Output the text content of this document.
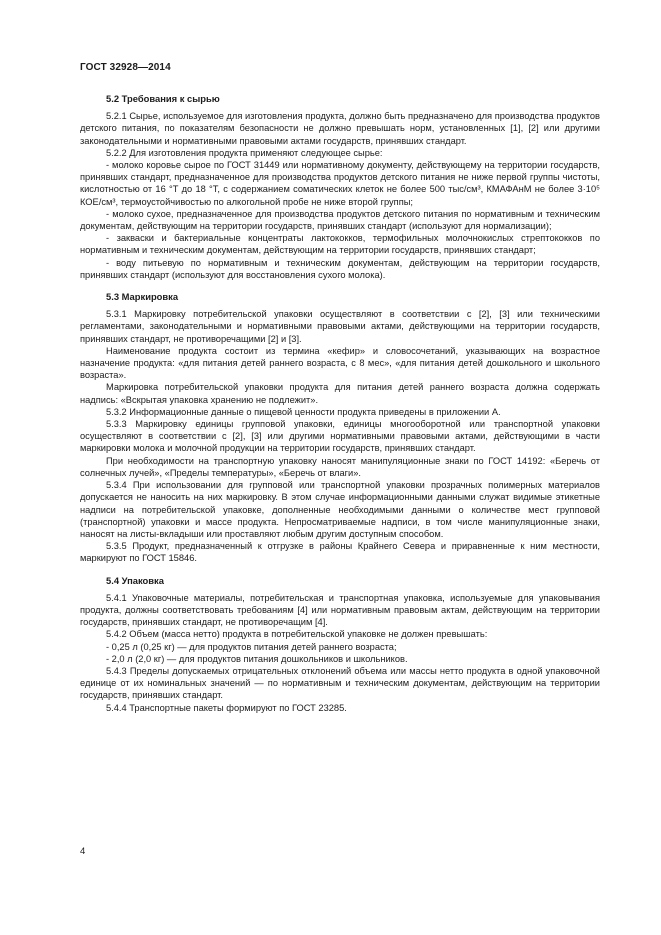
ГОСТ 32928—2014
5.2 Требования к сырью

5.2.1 Сырье, используемое для изготовления продукта, должно быть предназначено для производства продуктов детского питания, по показателям безопасности не должно превышать норм, установленных [1], [2] или другими законодательными и нормативными правовыми актами государств, принявших стандарт.

5.2.2 Для изготовления продукта применяют следующее сырье:

- молоко коровье сырое по ГОСТ 31449 или нормативному документу, действующему на территории государств, принявших стандарт, предназначенное для производства продуктов детского питания не ниже первой группы чистоты, кислотностью от 16 °Т до 18 °Т, с содержанием соматических клеток не более 500 тыс/см³, КМАФАнМ не более 3·10⁵ КОЕ/см³, термоустойчивостью по алкогольной пробе не ниже второй группы;

- молоко сухое, предназначенное для производства продуктов детского питания по нормативным и техническим документам, действующим на территории государств, принявших стандарт (используют для нормализации);

- закваски и бактериальные концентраты лактококков, термофильных молочнокислых стрептококков по нормативным и техническим документам, действующим на территории государств, принявших стандарт;

- воду питьевую по нормативным и техническим документам, действующим на территории государств, принявших стандарт (используют для восстановления сухого молока).

5.3 Маркировка

5.3.1 Маркировку потребительской упаковки осуществляют в соответствии с [2], [3] или техническими регламентами, законодательными и нормативными правовыми актами, действующими на территории государств, принявших стандарт, не противоречащими [2] и [3].

Наименование продукта состоит из термина «кефир» и словосочетаний, указывающих на возрастное назначение продукта: «для питания детей раннего возраста, с 8 мес», «для питания детей дошкольного и школьного возраста».

Маркировка потребительской упаковки продукта для питания детей раннего возраста должна содержать надпись: «Вскрытая упаковка хранению не подлежит».

5.3.2 Информационные данные о пищевой ценности продукта приведены в приложении А.

5.3.3 Маркировку единицы групповой упаковки, единицы многооборотной или транспортной упаковки осуществляют в соответствии с [2], [3] или другими нормативными правовыми актами, действующими в части маркировки молока и молочной продукции на территории государств, принявших стандарт.

При необходимости на транспортную упаковку наносят манипуляционные знаки по ГОСТ 14192: «Беречь от солнечных лучей», «Пределы температуры», «Беречь от влаги».

5.3.4 При использовании для групповой или транспортной упаковки прозрачных полимерных материалов допускается не наносить на них маркировку. В этом случае информационными данными служат видимые этикетные надписи на потребительской упаковке, дополненные необходимыми данными о количестве мест групповой (транспортной) упаковки и массе продукта. Непросматриваемые надписи, в том числе манипуляционные знаки, наносят на листы-вкладыши или проставляют любым другим доступным способом.

5.3.5 Продукт, предназначенный к отгрузке в районы Крайнего Севера и приравненные к ним местности, маркируют по ГОСТ 15846.

5.4 Упаковка

5.4.1 Упаковочные материалы, потребительская и транспортная упаковка, используемые для упаковывания продукта, должны соответствовать требованиям [4] или нормативным правовым актам, действующим на территории государств, принявших стандарт, не противоречащим [4].

5.4.2 Объем (масса нетто) продукта в потребительской упаковке не должен превышать:

- 0,25 л (0,25 кг) — для продуктов питания детей раннего возраста;

- 2,0 л (2,0 кг) — для продуктов питания дошкольников и школьников.

5.4.3 Пределы допускаемых отрицательных отклонений объема или массы нетто продукта в одной упаковочной единице от их номинальных значений — по нормативным и техническим документам, действующим на территории государств, принявших стандарт.

5.4.4 Транспортные пакеты формируют по ГОСТ 23285.

4
